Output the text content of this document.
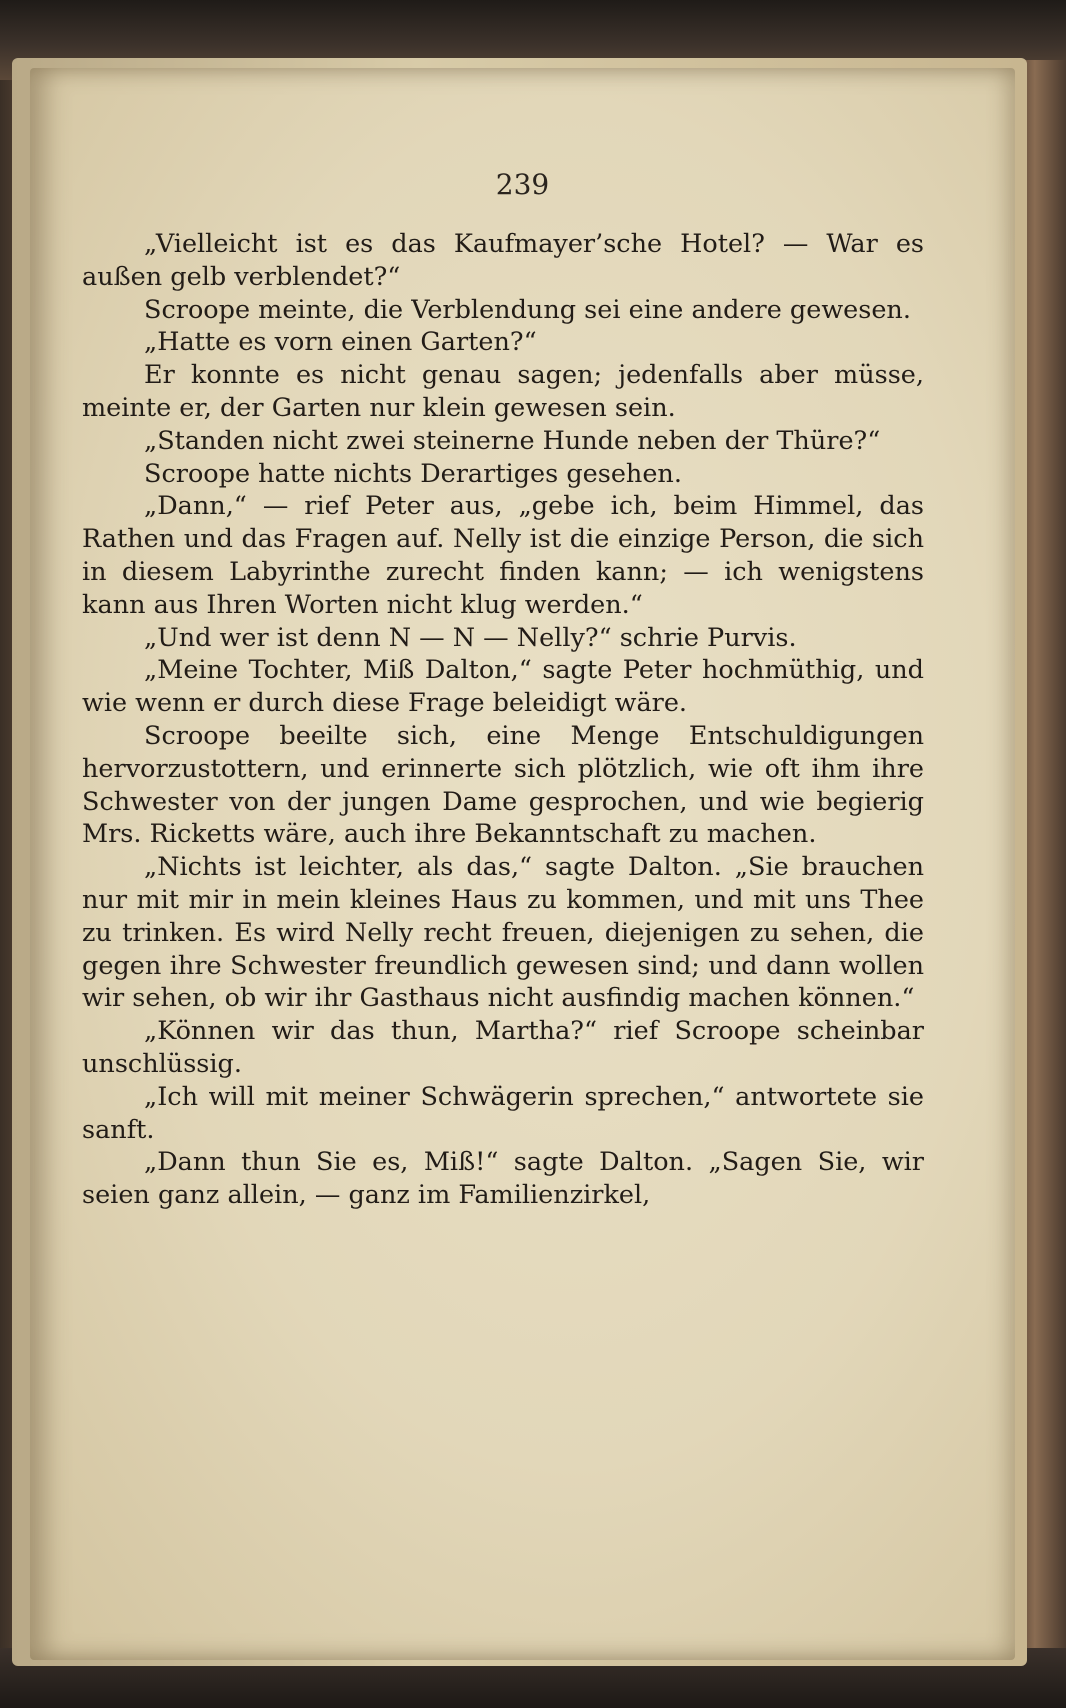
239

„Vielleicht ist es das Kaufmayer’sche Hotel? — War es außen gelb verblendet?“

Scroope meinte, die Verblendung sei eine andere gewesen.

„Hatte es vorn einen Garten?“

Er konnte es nicht genau sagen; jedenfalls aber müsse, meinte er, der Garten nur klein gewesen sein.

„Standen nicht zwei steinerne Hunde neben der Thüre?“

Scroope hatte nichts Derartiges gesehen.

„Dann,“ — rief Peter aus, „gebe ich, beim Himmel, das Rathen und das Fragen auf. Nelly ist die einzige Person, die sich in diesem Labyrinthe zurecht finden kann; — ich wenigstens kann aus Ihren Worten nicht klug werden.“

„Und wer ist denn N — N — Nelly?“ schrie Purvis.

„Meine Tochter, Miß Dalton,“ sagte Peter hochmüthig, und wie wenn er durch diese Frage beleidigt wäre.

Scroope beeilte sich, eine Menge Entschuldigungen hervorzustottern, und erinnerte sich plötzlich, wie oft ihm ihre Schwester von der jungen Dame gesprochen, und wie begierig Mrs. Ricketts wäre, auch ihre Bekanntschaft zu machen.

„Nichts ist leichter, als das,“ sagte Dalton. „Sie brauchen nur mit mir in mein kleines Haus zu kommen, und mit uns Thee zu trinken. Es wird Nelly recht freuen, diejenigen zu sehen, die gegen ihre Schwester freundlich gewesen sind; und dann wollen wir sehen, ob wir ihr Gasthaus nicht ausfindig machen können.“

„Können wir das thun, Martha?“ rief Scroope scheinbar unschlüssig.

„Ich will mit meiner Schwägerin sprechen,“ antwortete sie sanft.

„Dann thun Sie es, Miß!“ sagte Dalton. „Sagen Sie, wir seien ganz allein, — ganz im Familienzirkel,
